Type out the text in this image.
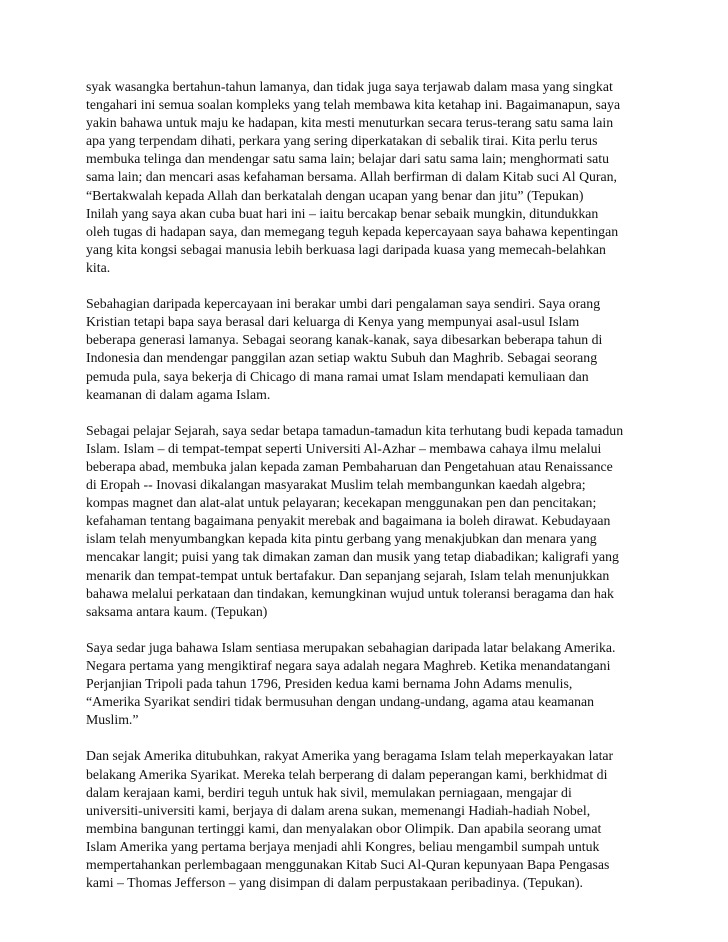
syak wasangka bertahun-tahun lamanya, dan tidak juga saya terjawab dalam masa yang singkat
tengahari ini semua soalan kompleks yang telah membawa kita ketahap ini. Bagaimanapun, saya
yakin bahawa untuk maju ke hadapan, kita mesti menuturkan secara terus-terang satu sama lain
apa yang terpendam dihati, perkara yang sering diperkatakan di sebalik tirai. Kita perlu terus
membuka telinga dan mendengar satu sama lain; belajar dari satu sama lain; menghormati satu
sama lain; dan mencari asas kefahaman bersama. Allah berfirman di dalam Kitab suci Al Quran,
“Bertakwalah kepada Allah dan berkatalah dengan ucapan yang benar dan jitu” (Tepukan)
Inilah yang saya akan cuba buat hari ini – iaitu bercakap benar sebaik mungkin, ditundukkan
oleh tugas di hadapan saya, dan memegang teguh kepada kepercayaan saya bahawa kepentingan
yang kita kongsi sebagai manusia lebih berkuasa lagi daripada kuasa yang memecah-belahkan
kita.

Sebahagian daripada kepercayaan ini berakar umbi dari pengalaman saya sendiri. Saya orang
Kristian tetapi bapa saya berasal dari keluarga di Kenya yang mempunyai asal-usul Islam
beberapa generasi lamanya. Sebagai seorang kanak-kanak, saya dibesarkan beberapa tahun di
Indonesia dan mendengar panggilan azan setiap waktu Subuh dan Maghrib. Sebagai seorang
pemuda pula, saya bekerja di Chicago di mana ramai umat Islam mendapati kemuliaan dan
keamanan di dalam agama Islam.

Sebagai pelajar Sejarah, saya sedar betapa tamadun-tamadun kita terhutang budi kepada tamadun
Islam. Islam – di tempat-tempat seperti Universiti Al-Azhar – membawa cahaya ilmu melalui
beberapa abad, membuka jalan kepada zaman Pembaharuan dan Pengetahuan atau Renaissance
di Eropah -- Inovasi dikalangan masyarakat Muslim telah membangunkan kaedah algebra;
kompas magnet dan alat-alat untuk pelayaran; kecekapan menggunakan pen dan pencitakan;
kefahaman tentang bagaimana penyakit merebak and bagaimana ia boleh dirawat. Kebudayaan
islam telah menyumbangkan kepada kita pintu gerbang yang menakjubkan dan menara yang
mencakar langit; puisi yang tak dimakan zaman dan musik yang tetap diabadikan; kaligrafi yang
menarik dan tempat-tempat untuk bertafakur. Dan sepanjang sejarah, Islam telah menunjukkan
bahawa melalui perkataan dan tindakan, kemungkinan wujud untuk toleransi beragama dan hak
saksama antara kaum. (Tepukan)

Saya sedar juga bahawa Islam sentiasa merupakan sebahagian daripada latar belakang Amerika.
Negara pertama yang mengiktiraf negara saya adalah negara Maghreb. Ketika menandatangani
Perjanjian Tripoli pada tahun 1796, Presiden kedua kami bernama John Adams menulis,
“Amerika Syarikat sendiri tidak bermusuhan dengan undang-undang, agama atau keamanan
Muslim.”

Dan sejak Amerika ditubuhkan, rakyat Amerika yang beragama Islam telah meperkayakan latar
belakang Amerika Syarikat. Mereka telah berperang di dalam peperangan kami, berkhidmat di
dalam kerajaan kami, berdiri teguh untuk hak sivil, memulakan perniagaan, mengajar di
universiti-universiti kami, berjaya di dalam arena sukan, memenangi Hadiah-hadiah Nobel,
membina bangunan tertinggi kami, dan menyalakan obor Olimpik. Dan apabila seorang umat
Islam Amerika yang pertama berjaya menjadi ahli Kongres, beliau mengambil sumpah untuk
mempertahankan perlembagaan menggunakan Kitab Suci Al-Quran kepunyaan Bapa Pengasas
kami – Thomas Jefferson – yang disimpan di dalam perpustakaan peribadinya. (Tepukan).
